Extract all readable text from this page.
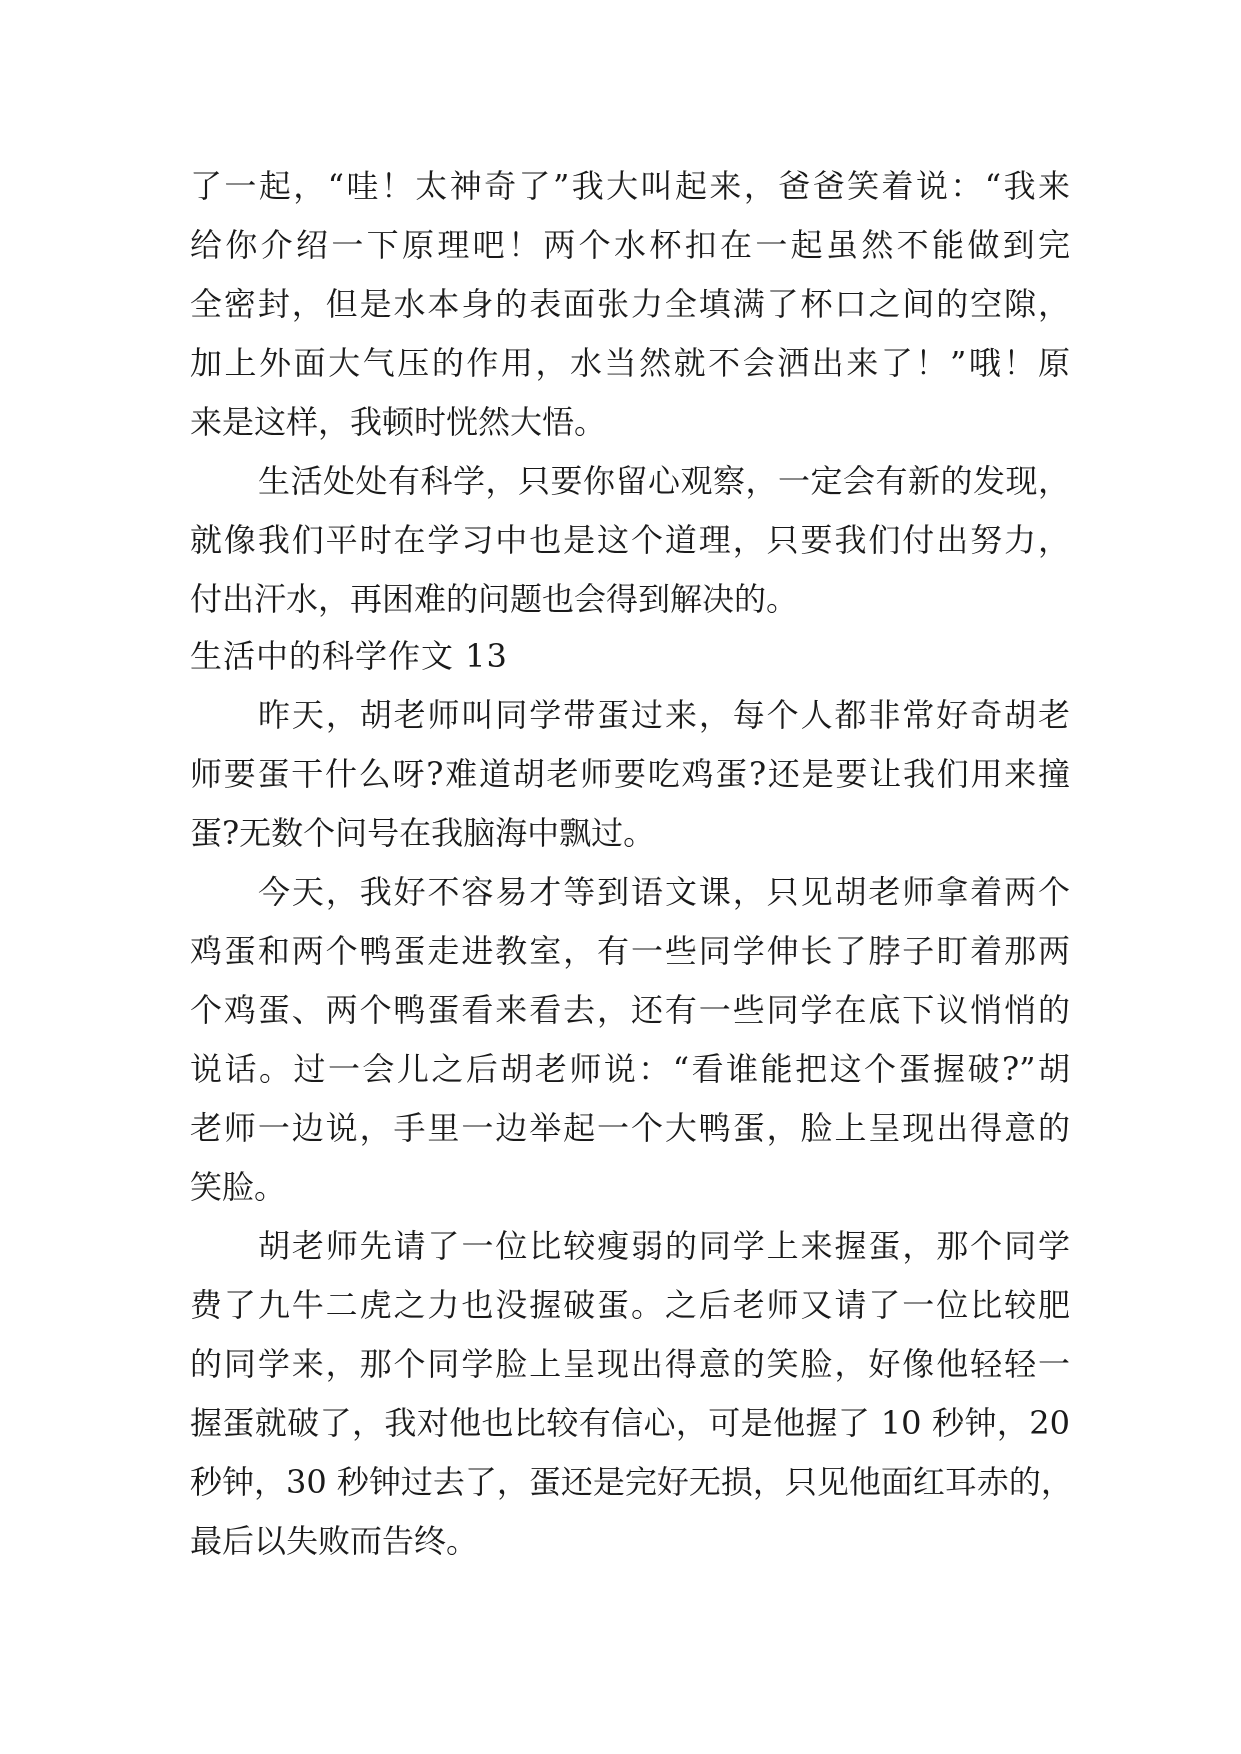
了一起，“哇！太神奇了”我大叫起来，爸爸笑着说：“我来
给你介绍一下原理吧！两个水杯扣在一起虽然不能做到完
全密封，但是水本身的表面张力全填满了杯口之间的空隙，
加上外面大气压的作用，水当然就不会洒出来了！”哦！原
来是这样，我顿时恍然大悟。
生活处处有科学，只要你留心观察，一定会有新的发现，
就像我们平时在学习中也是这个道理，只要我们付出努力，
付出汗水，再困难的问题也会得到解决的。
生活中的科学作文 13
昨天，胡老师叫同学带蛋过来，每个人都非常好奇胡老
师要蛋干什么呀?难道胡老师要吃鸡蛋?还是要让我们用来撞
蛋?无数个问号在我脑海中飘过。
今天，我好不容易才等到语文课，只见胡老师拿着两个
鸡蛋和两个鸭蛋走进教室，有一些同学伸长了脖子盯着那两
个鸡蛋、两个鸭蛋看来看去，还有一些同学在底下议悄悄的
说话。过一会儿之后胡老师说：“看谁能把这个蛋握破?”胡
老师一边说，手里一边举起一个大鸭蛋，脸上呈现出得意的
笑脸。
胡老师先请了一位比较瘦弱的同学上来握蛋，那个同学
费了九牛二虎之力也没握破蛋。之后老师又请了一位比较肥
的同学来，那个同学脸上呈现出得意的笑脸，好像他轻轻一
握蛋就破了，我对他也比较有信心，可是他握了 10 秒钟，20
秒钟，30 秒钟过去了，蛋还是完好无损，只见他面红耳赤的，
最后以失败而告终。
